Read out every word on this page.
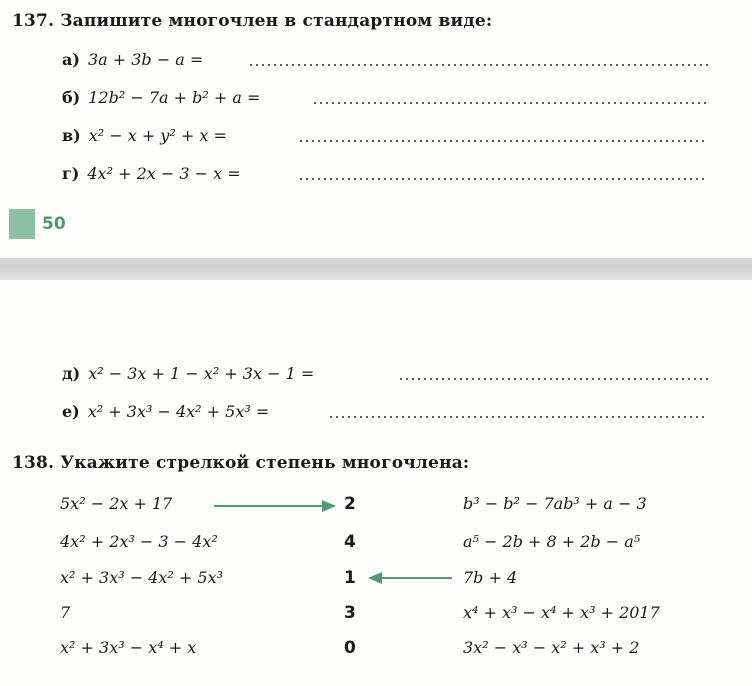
137. Запишите многочлен в стандартном виде:
а) 3a + 3b − a =
б) 12b² − 7a + b² + a =
в) x² − x + y² + x =
г) 4x² + 2x − 3 − x =
50
д) x² − 3x + 1 − x² + 3x − 1 =
е) x² + 3x³ − 4x² + 5x³ =
138. Укажите стрелкой степень многочлена:
5x² − 2x + 17
4x² + 2x³ − 3 − 4x²
x² + 3x³ − 4x² + 5x³
7
x² + 3x³ − x⁴ + x
2
4
1
3
0
b³ − b² − 7ab³ + a − 3
a⁵ − 2b + 8 + 2b − a⁵
7b + 4
x⁴ + x³ − x⁴ + x³ + 2017
3x² − x³ − x² + x³ + 2
